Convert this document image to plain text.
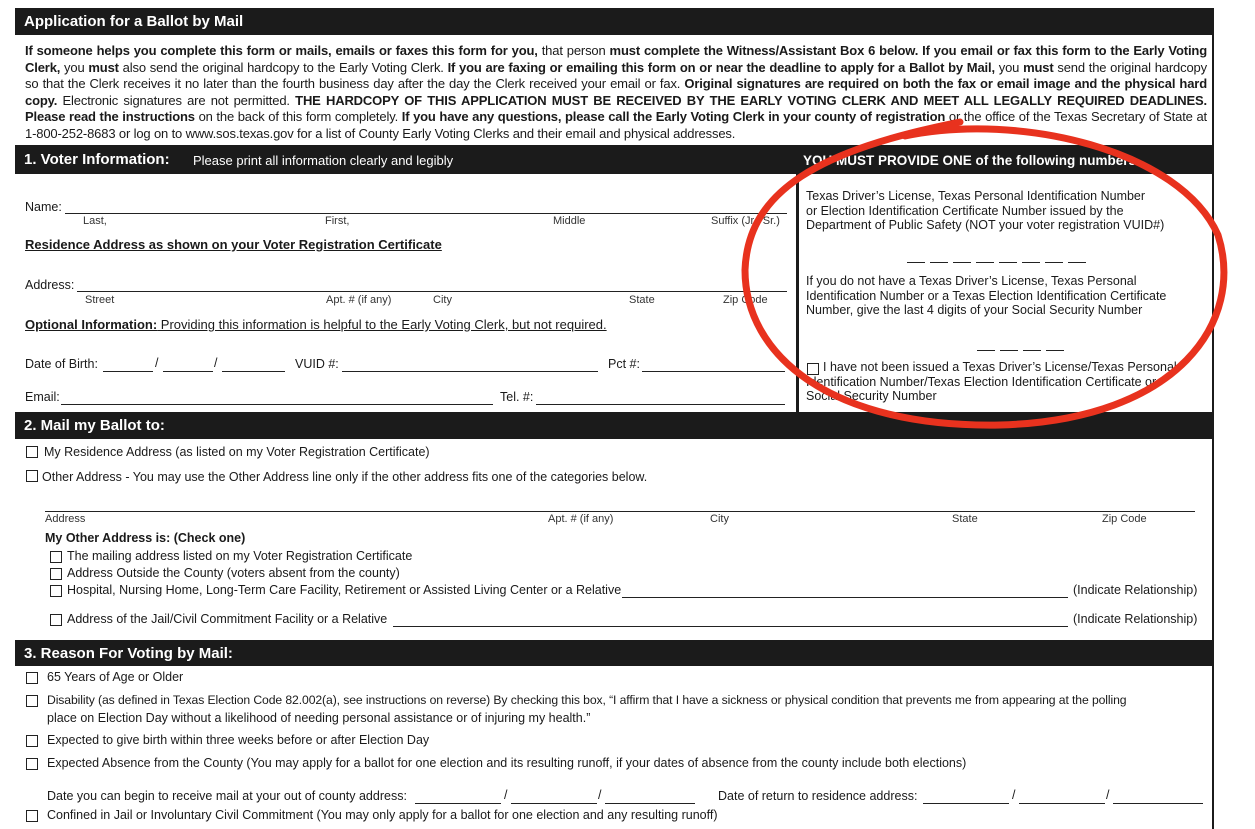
Application for a Ballot by Mail
If someone helps you complete this form or mails, emails or faxes this form for you, that person must complete the Witness/Assistant Box 6 below. If you email or fax this form to the Early Voting Clerk, you must also send the original hardcopy to the Early Voting Clerk. If you are faxing or emailing this form on or near the deadline to apply for a Ballot by Mail, you must send the original hardcopy so that the Clerk receives it no later than the fourth business day after the day the Clerk received your email or fax. Original signatures are required on both the fax or email image and the physical hard copy. Electronic signatures are not permitted. THE HARDCOPY OF THIS APPLICATION MUST BE RECEIVED BY THE EARLY VOTING CLERK AND MEET ALL LEGALLY REQUIRED DEADLINES. Please read the instructions on the back of this form completely. If you have any questions, please call the Early Voting Clerk in your county of registration or the office of the Texas Secretary of State at 1-800-252-8683 or log on to www.sos.texas.gov for a list of County Early Voting Clerks and their email and physical addresses.
1. Voter Information: Please print all information clearly and legibly	YOU MUST PROVIDE ONE of the following numbers
Name:
Last,	First,	Middle	Suffix (Jr., Sr.)
Residence Address as shown on your Voter Registration Certificate
Address:
Street	Apt. # (if any)	City	State	Zip Code
Optional Information: Providing this information is helpful to the Early Voting Clerk, but not required.
Date of Birth:	/	/	VUID #:	Pct #:
Email:	Tel. #:
Texas Driver’s License, Texas Personal Identification Number
or Election Identification Certificate Number issued by the
Department of Public Safety (NOT your voter registration VUID#)
If you do not have a Texas Driver’s License, Texas Personal
Identification Number or a Texas Election Identification Certificate
Number, give the last 4 digits of your Social Security Number
I have not been issued a Texas Driver’s License/Texas Personal
Identification Number/Texas Election Identification Certificate or
Social Security Number
2. Mail my Ballot to:
My Residence Address (as listed on my Voter Registration Certificate)
Other Address - You may use the Other Address line only if the other address fits one of the categories below.
Address	Apt. # (if any)	City	State	Zip Code
My Other Address is: (Check one)
The mailing address listed on my Voter Registration Certificate
Address Outside the County (voters absent from the county)
Hospital, Nursing Home, Long-Term Care Facility, Retirement or Assisted Living Center or a Relative	(Indicate Relationship)
Address of the Jail/Civil Commitment Facility or a Relative	(Indicate Relationship)
3. Reason For Voting by Mail:
65 Years of Age or Older
Disability (as defined in Texas Election Code 82.002(a), see instructions on reverse) By checking this box, “I affirm that I have a sickness or physical condition that prevents me from appearing at the polling
place on Election Day without a likelihood of needing personal assistance or of injuring my health.”
Expected to give birth within three weeks before or after Election Day
Expected Absence from the County (You may apply for a ballot for one election and its resulting runoff, if your dates of absence from the county include both elections)
Date you can begin to receive mail at your out of county address:	/	/	Date of return to residence address:	/	/
Confined in Jail or Involuntary Civil Commitment (You may only apply for a ballot for one election and any resulting runoff)
